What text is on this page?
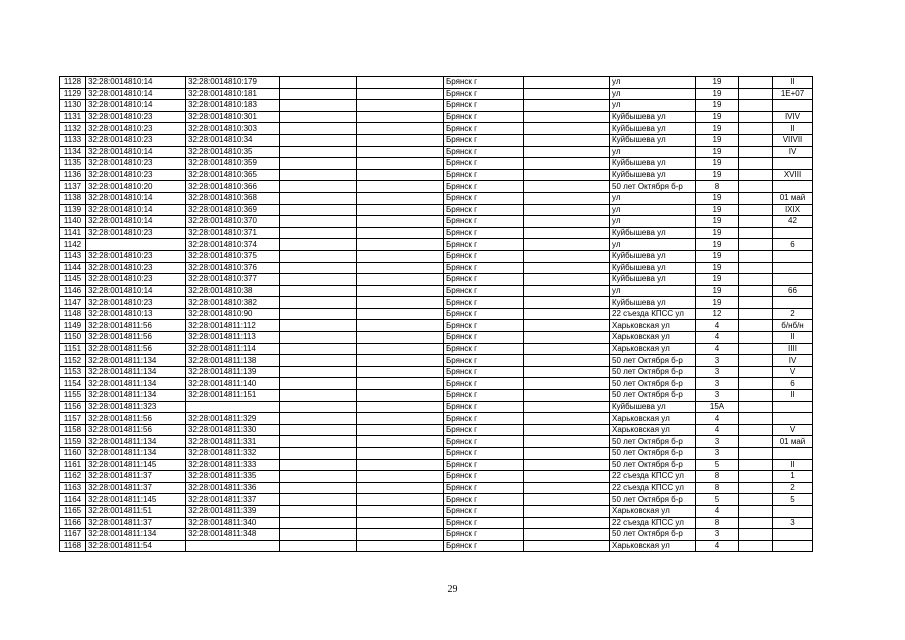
1128	32:28:0014810:14	32:28:0014810:179			Брянск г		ул	19		II
1129	32:28:0014810:14	32:28:0014810:181			Брянск г		ул	19		1E+07
1130	32:28:0014810:14	32:28:0014810:183			Брянск г		ул	19		
1131	32:28:0014810:23	32:28:0014810:301			Брянск г		Куйбышева ул	19		IVIV
1132	32:28:0014810:23	32:28:0014810:303			Брянск г		Куйбышева ул	19		II
1133	32:28:0014810:23	32:28:0014810:34			Брянск г		Куйбышева ул	19		VIIVII
1134	32:28:0014810:14	32:28:0014810:35			Брянск г		ул	19		IV
1135	32:28:0014810:23	32:28:0014810:359			Брянск г		Куйбышева ул	19		
1136	32:28:0014810:23	32:28:0014810:365			Брянск г		Куйбышева ул	19		XVIII
1137	32:28:0014810:20	32:28:0014810:366			Брянск г		50 лет Октября б-р	8		
1138	32:28:0014810:14	32:28:0014810:368			Брянск г		ул	19		01 май
1139	32:28:0014810:14	32:28:0014810:369			Брянск г		ул	19		IXIX
1140	32:28:0014810:14	32:28:0014810:370			Брянск г		ул	19		42
1141	32:28:0014810:23	32:28:0014810:371			Брянск г		Куйбышева ул	19		
1142		32:28:0014810:374			Брянск г		ул	19		6
1143	32:28:0014810:23	32:28:0014810:375			Брянск г		Куйбышева ул	19		
1144	32:28:0014810:23	32:28:0014810:376			Брянск г		Куйбышева ул	19		
1145	32:28:0014810:23	32:28:0014810:377			Брянск г		Куйбышева ул	19		
1146	32:28:0014810:14	32:28:0014810:38			Брянск г		ул	19		66
1147	32:28:0014810:23	32:28:0014810:382			Брянск г		Куйбышева ул	19		
1148	32:28:0014810:13	32:28:0014810:90			Брянск г		22 съезда КПСС ул	12		2
1149	32:28:0014811:56	32:28:0014811:112			Брянск г		Харьковская ул	4		б/нб/н
1150	32:28:0014811:56	32:28:0014811:113			Брянск г		Харьковская ул	4		II
1151	32:28:0014811:56	32:28:0014811:114			Брянск г		Харьковская ул	4		IIII
1152	32:28:0014811:134	32:28:0014811:138			Брянск г		50 лет Октября б-р	3		IV
1153	32:28:0014811:134	32:28:0014811:139			Брянск г		50 лет Октября б-р	3		V
1154	32:28:0014811:134	32:28:0014811:140			Брянск г		50 лет Октября б-р	3		6
1155	32:28:0014811:134	32:28:0014811:151			Брянск г		50 лет Октября б-р	3		II
1156	32:28:0014811:323				Брянск г		Куйбышева ул	15А		
1157	32:28:0014811:56	32:28:0014811:329			Брянск г		Харьковская ул	4		
1158	32:28:0014811:56	32:28:0014811:330			Брянск г		Харьковская ул	4		V
1159	32:28:0014811:134	32:28:0014811:331			Брянск г		50 лет Октября б-р	3		01 май
1160	32:28:0014811:134	32:28:0014811:332			Брянск г		50 лет Октября б-р	3		
1161	32:28:0014811:145	32:28:0014811:333			Брянск г		50 лет Октября б-р	5		II
1162	32:28:0014811:37	32:28:0014811:335			Брянск г		22 съезда КПСС ул	8		1
1163	32:28:0014811:37	32:28:0014811:336			Брянск г		22 съезда КПСС ул	8		2
1164	32:28:0014811:145	32:28:0014811:337			Брянск г		50 лет Октября б-р	5		5
1165	32:28:0014811:51	32:28:0014811:339			Брянск г		Харьковская ул	4		
1166	32:28:0014811:37	32:28:0014811:340			Брянск г		22 съезда КПСС ул	8		3
1167	32:28:0014811:134	32:28:0014811:348			Брянск г		50 лет Октября б-р	3		
1168	32:28:0014811:54				Брянск г		Харьковская ул	4		
29
